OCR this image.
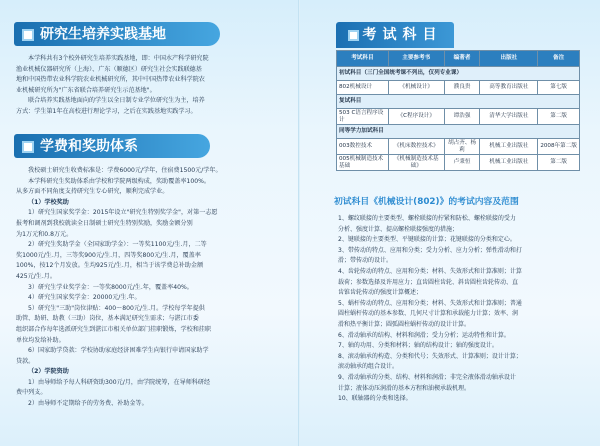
研究生培养实践基地

本学科共有3个校外研究生培养实践基地，即：中国水产科学研究院

渔业机械仪器研究所（上海）、广东（顺德区）研究生社会实践联德基

地和中国热带农业科学院农业机械研究所，其中中国热带农业科学院农

业机械研究所为"广东省联合培养研究生示范基地"。

联合培养实践基地面向的学生以全日制专业学位研究生为主，培养

方式：学生第1年在高校进行理论学习，之后在实践基地实践学习。

学费和奖助体系

我校硕士研究生收费标准是：学费6000元/学年，住宿费1500元/学年。

本学科研究生奖助体系由学校和学院两级构成，奖助覆盖率100%。

从多方面不同角度支持研究生专心研究，顺利完成学业。

（1）学校奖助

1）研究生国家奖学金：2015年设立"研究生特别奖学金"，对第一志愿

报考和调剂到我校就读全日制硕士研究生特别奖励，奖励金额分别

为1万元和0.8万元。

2）研究生奖助学金（全国家助学金）：一等奖1100元/生.月，二等

奖1000元/生.月，三等奖900元/生.月，四等奖800元/生.月，覆盖率

100%，按12个月发放。生均925元/生.月，相当于该学费总补助金额

425元/生.月。

3）研究生学业奖学金：一等奖8000元/生.年，覆盖率40%。

4）研究生国家奖学金：20000元/生.年。

5）研究生"三助"岗位津贴：400～800元/生.月。学校每学年提供

助管、助研、助教（三助）岗位，基本满足研究生需求；与湛江市委

组织部合作每年选派研究生到湛江市相关单位部门挂职锻炼，学校和挂职

单位均发给补助。

6）国家助学贷款：学校协助家庭经济困难学生向银行申请国家助学

贷款。

（2）学院资助

1）由导师给予每人科研资助300元/月，由学院统筹，在导师科研经

费中列支。

2）由导师不定期给予的劳务费、补助金等。

考试科目
考试科目	主要参考书	编著者	出版社	备注
初试科目（三门全国统考课不列出，仅列专业课）				
802机械设计	《机械设计》	濮良贵	高等教育出版社	第七版
复试科目				
503 C语言程序设计	《C程序设计》	谭浩强	清华大学出版社	第二版
同等学力加试科目				
003数控技术	《机床数控技术》	胡占齐、杨莉	机械工业出版社	2008年第二版
005机械制造技术基础	《机械制造技术基础》	卢秉恒	机械工业出版社	第二版
初试科目《机械设计(802)》的考试内容及范围

1、螺纹联接的主要类型、螺栓联接的拧紧和防松、螺栓联接的受力

分析、强度计算、提高螺栓联接强度的措施；

2、键联接的主要类型、平键联接的计算；花键联接的分类和定心。

3、带传动的特点、应用和分类；受力分析、应力分析；弹性滑动和打

滑；带传动的设计。

4、齿轮传动的特点、应用和分类；材料、失效形式和计算准则；计算

载荷；参数选择及许用应力；直齿圆柱齿轮、斜齿圆柱齿轮传动、直

齿锥齿轮传动的强度计算概述；

5、蜗杆传动的特点、应用和分类；材料、失效形式和计算准则；普通

圆柱蜗杆传动的基本参数、几何尺寸计算和承载能力计算；效率、润

滑和热平衡计算；圆弧圆柱蜗杆传动的设计计算。

6、滑动轴承的结构、材料和润滑；受力分析；运动特性和计算。

7、轴的功用、分类和材料；轴的结构设计；轴的强度设计。

8、滚动轴承的构造、分类和代号；失效形式、计算准则；设计计算；

滚动轴承的组合设计。

9、滑动轴承的分类、结构、材料和润滑；非完全液体滑动轴承设计

计算；液体动压润滑的基本方程和油楔承载机理。

10、联轴器的分类和选择。
